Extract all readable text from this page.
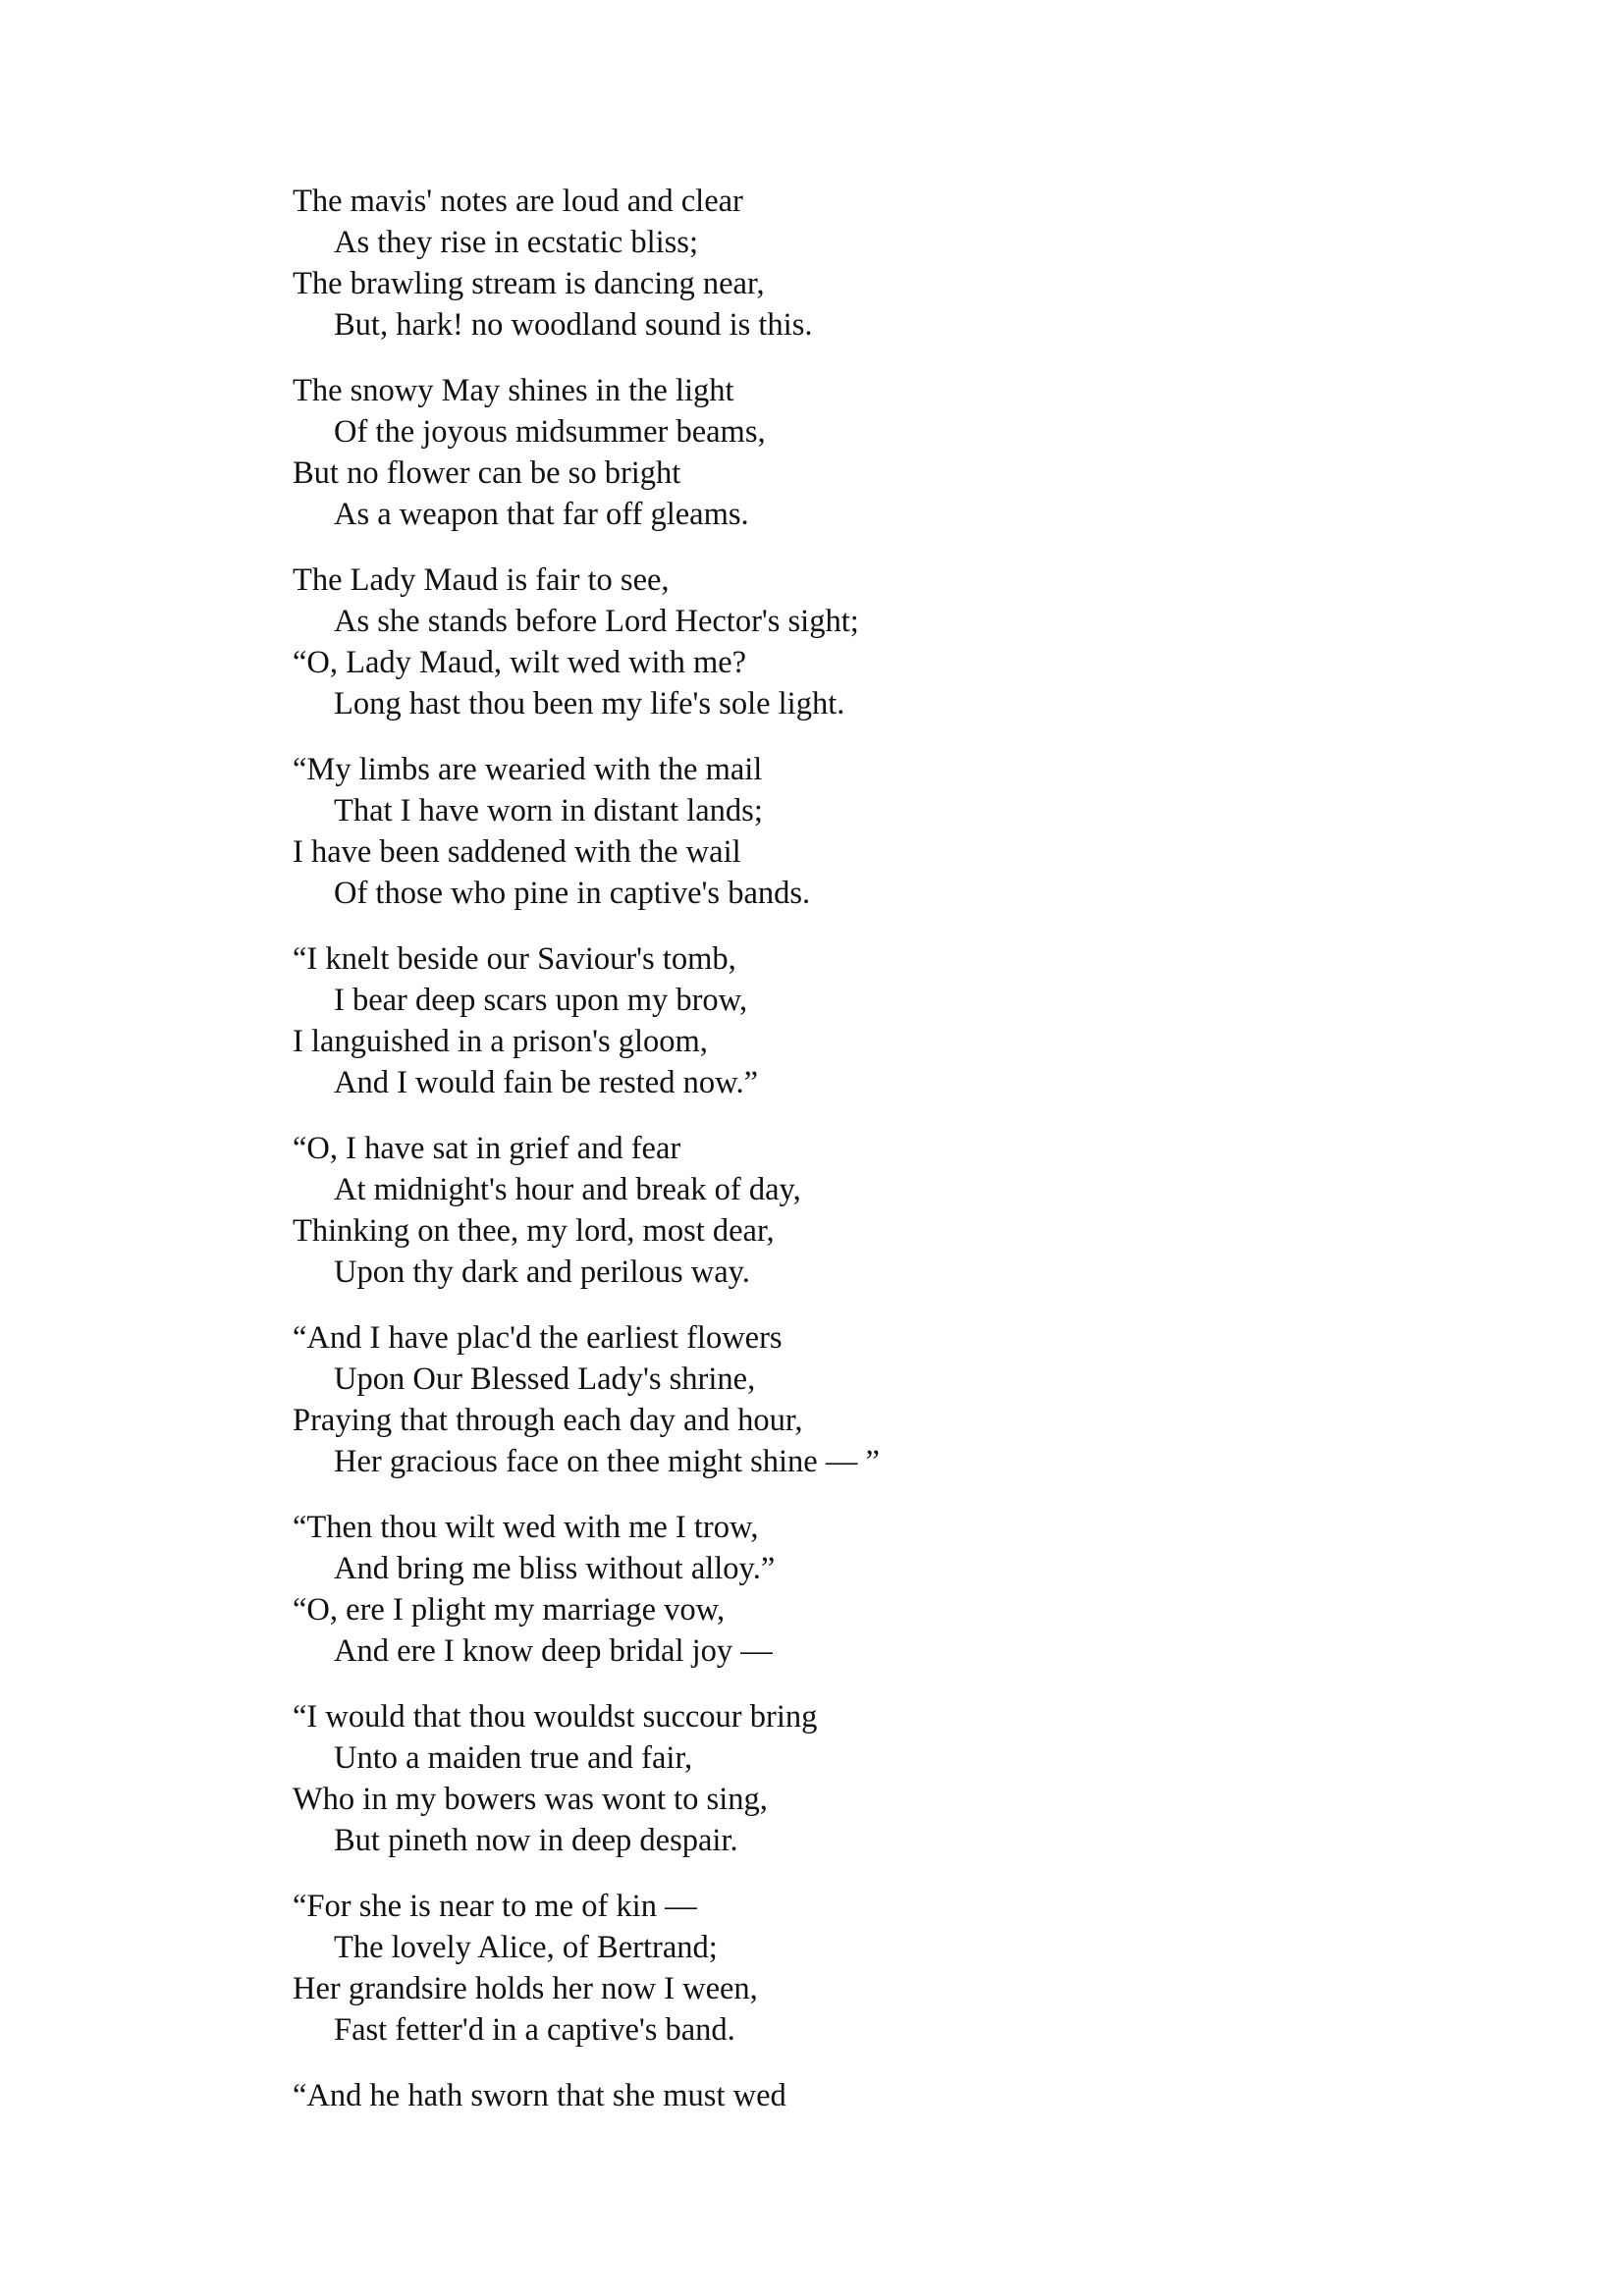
The mavis' notes are loud and clear
As they rise in ecstatic bliss;
The brawling stream is dancing near,
But, hark! no woodland sound is this.
The snowy May shines in the light
Of the joyous midsummer beams,
But no flower can be so bright
As a weapon that far off gleams.
The Lady Maud is fair to see,
As she stands before Lord Hector's sight;
“O, Lady Maud, wilt wed with me?
Long hast thou been my life's sole light.
“My limbs are wearied with the mail
That I have worn in distant lands;
I have been saddened with the wail
Of those who pine in captive's bands.
“I knelt beside our Saviour's tomb,
I bear deep scars upon my brow,
I languished in a prison's gloom,
And I would fain be rested now.”
“O, I have sat in grief and fear
At midnight's hour and break of day,
Thinking on thee, my lord, most dear,
Upon thy dark and perilous way.
“And I have plac'd the earliest flowers
Upon Our Blessed Lady's shrine,
Praying that through each day and hour,
Her gracious face on thee might shine — ”
“Then thou wilt wed with me I trow,
And bring me bliss without alloy.”
“O, ere I plight my marriage vow,
And ere I know deep bridal joy —
“I would that thou wouldst succour bring
Unto a maiden true and fair,
Who in my bowers was wont to sing,
But pineth now in deep despair.
“For she is near to me of kin —
The lovely Alice, of Bertrand;
Her grandsire holds her now I ween,
Fast fetter'd in a captive's band.
“And he hath sworn that she must wed
